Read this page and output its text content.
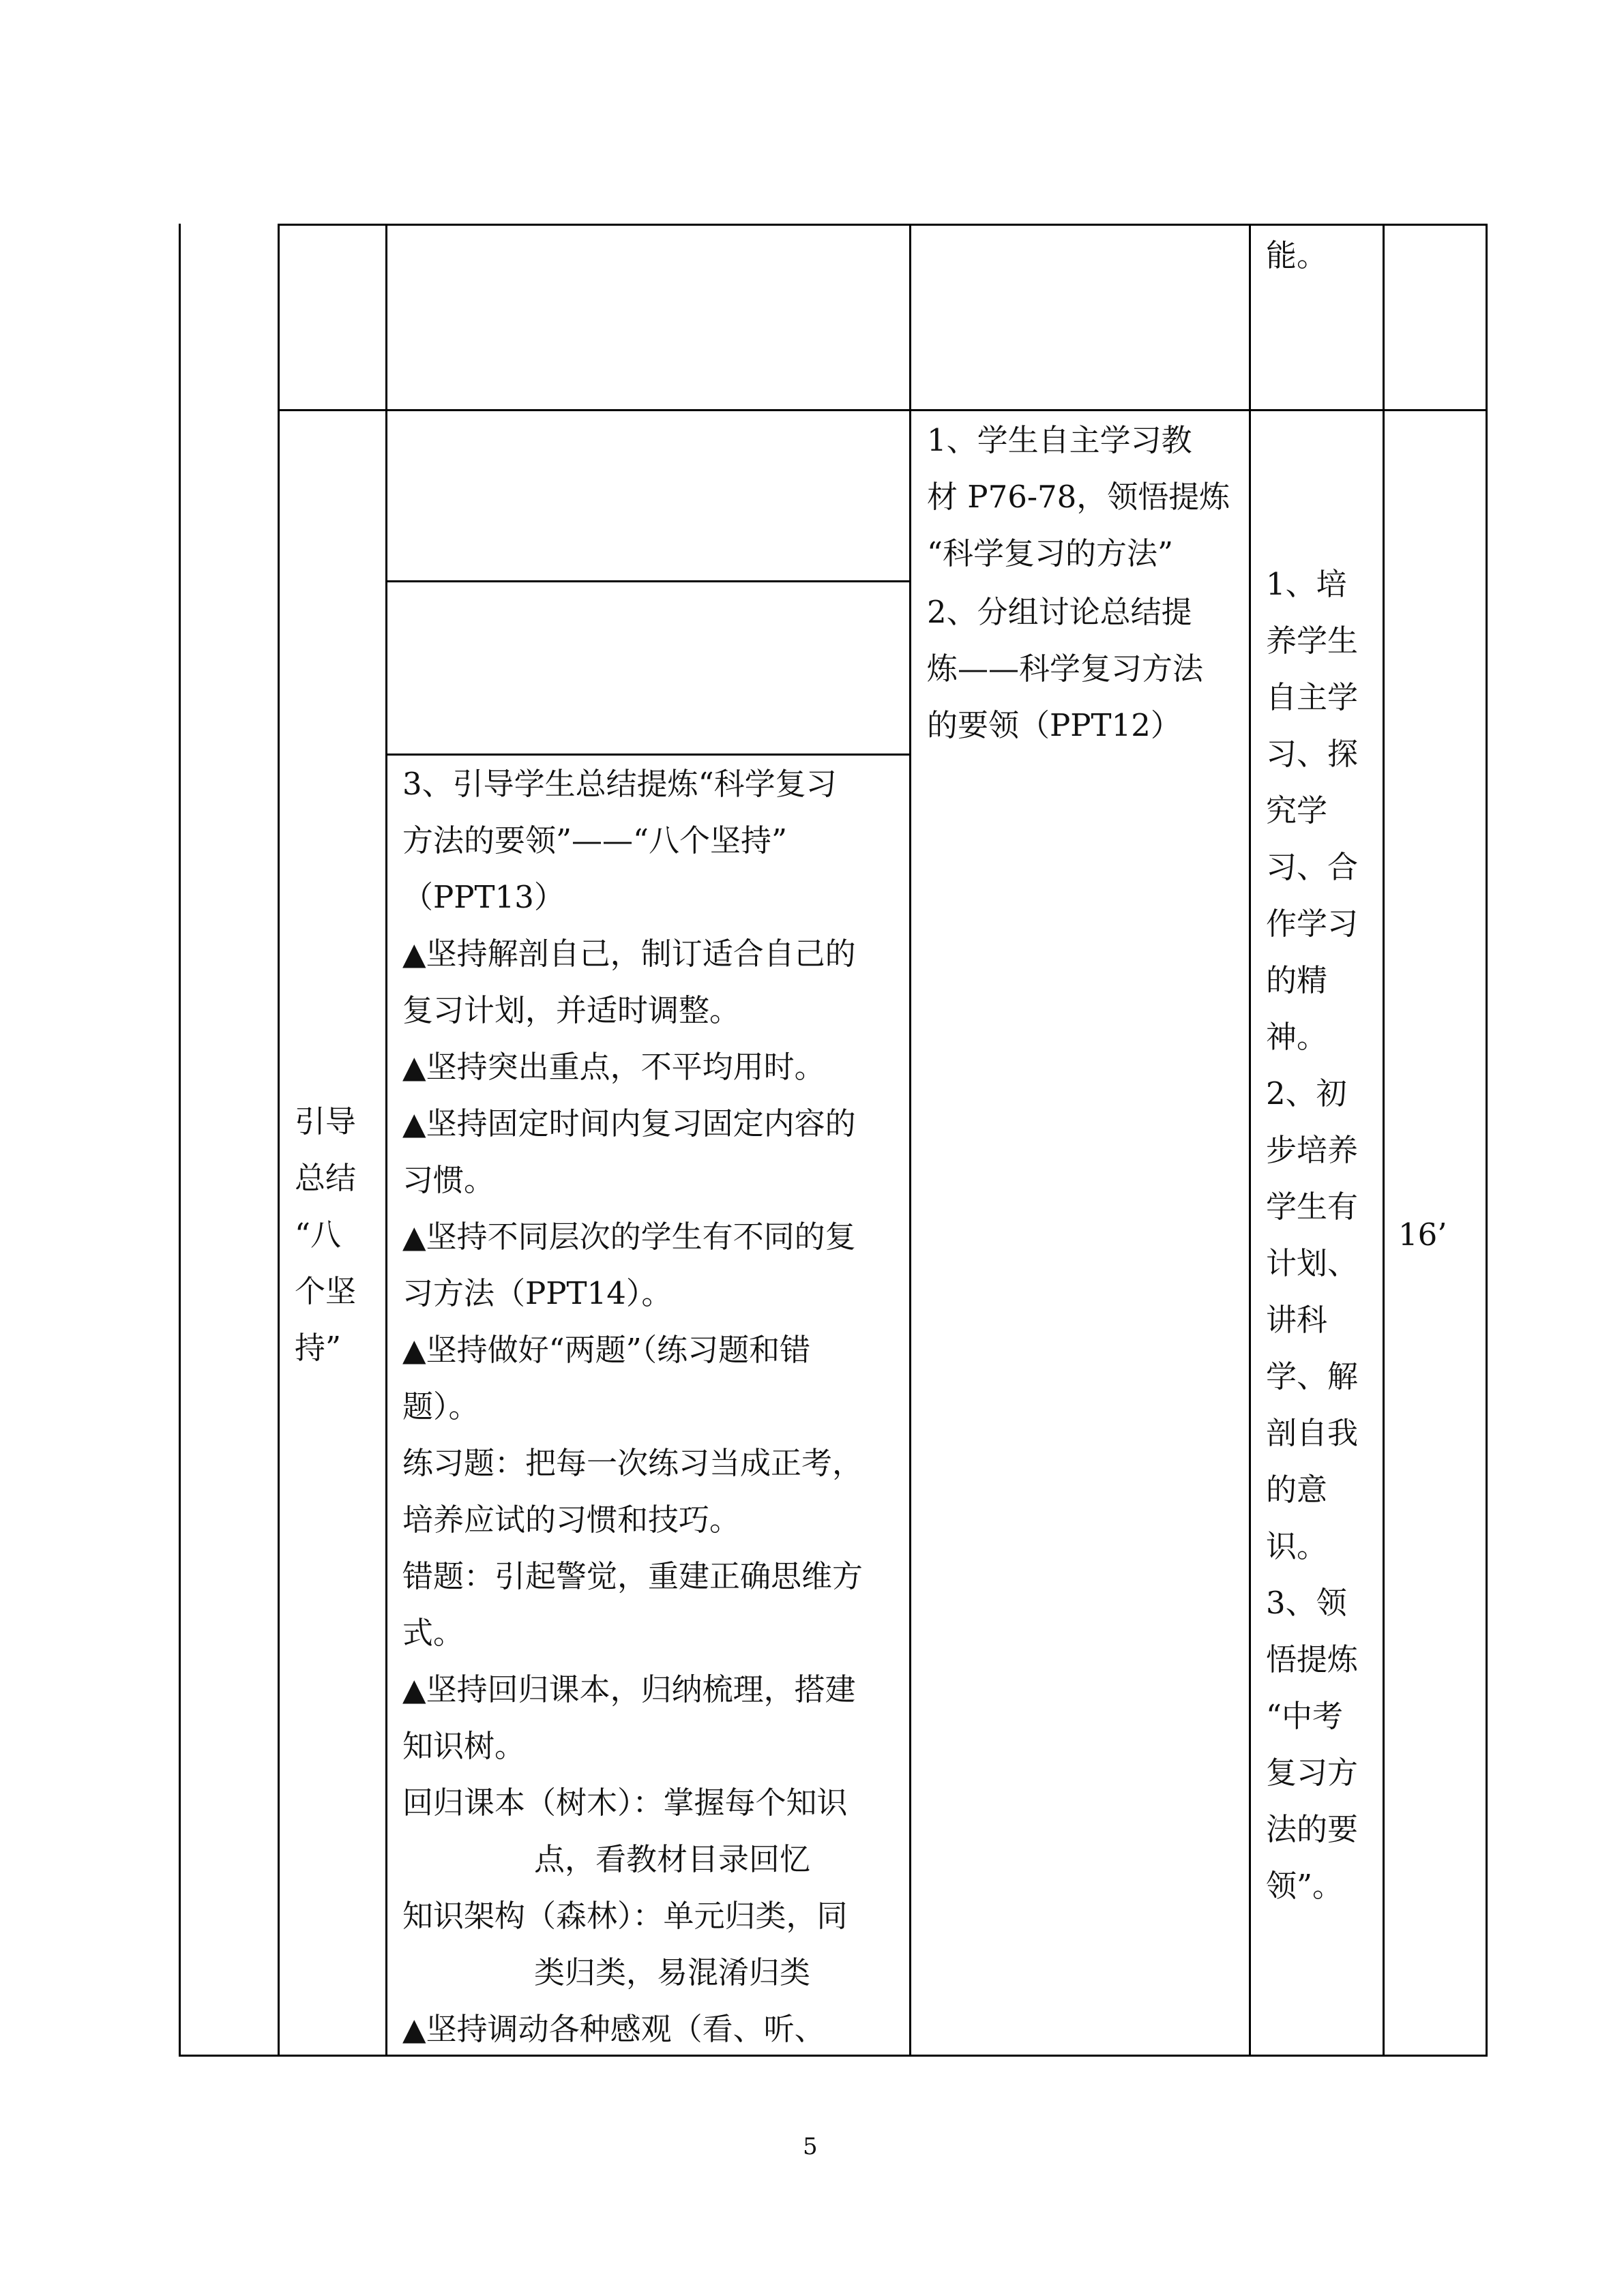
能。
引导
总结
“八
个坚
持”
1、学生自主学习教
材 P76-78，领悟提炼
“科学复习的方法”
2、分组讨论总结提
炼——科学复习方法
的要领（PPT12）
3、引导学生总结提炼“科学复习
方法的要领”——“八个坚持”
（PPT13）
▲坚持解剖自己，制订适合自己的
复习计划，并适时调整。
▲坚持突出重点，不平均用时。
▲坚持固定时间内复习固定内容的
习惯。
▲坚持不同层次的学生有不同的复
习方法（PPT14）。
▲坚持做好“两题”（练习题和错
题）。
练习题：把每一次练习当成正考，
培养应试的习惯和技巧。
错题：引起警觉，重建正确思维方
式。
▲坚持回归课本，归纳梳理，搭建
知识树。
回归课本（树木）：掌握每个知识
点，看教材目录回忆
知识架构（森林）：单元归类，同
类归类，易混淆归类
▲坚持调动各种感观（看、听、
1、培
养学生
自主学
习、探
究学
习、合
作学习
的精
神。
2、初
步培养
学生有
计划、
讲科
学、解
剖自我
的意
识。
3、领
悟提炼
“中考
复习方
法的要
领”。
16’
5
